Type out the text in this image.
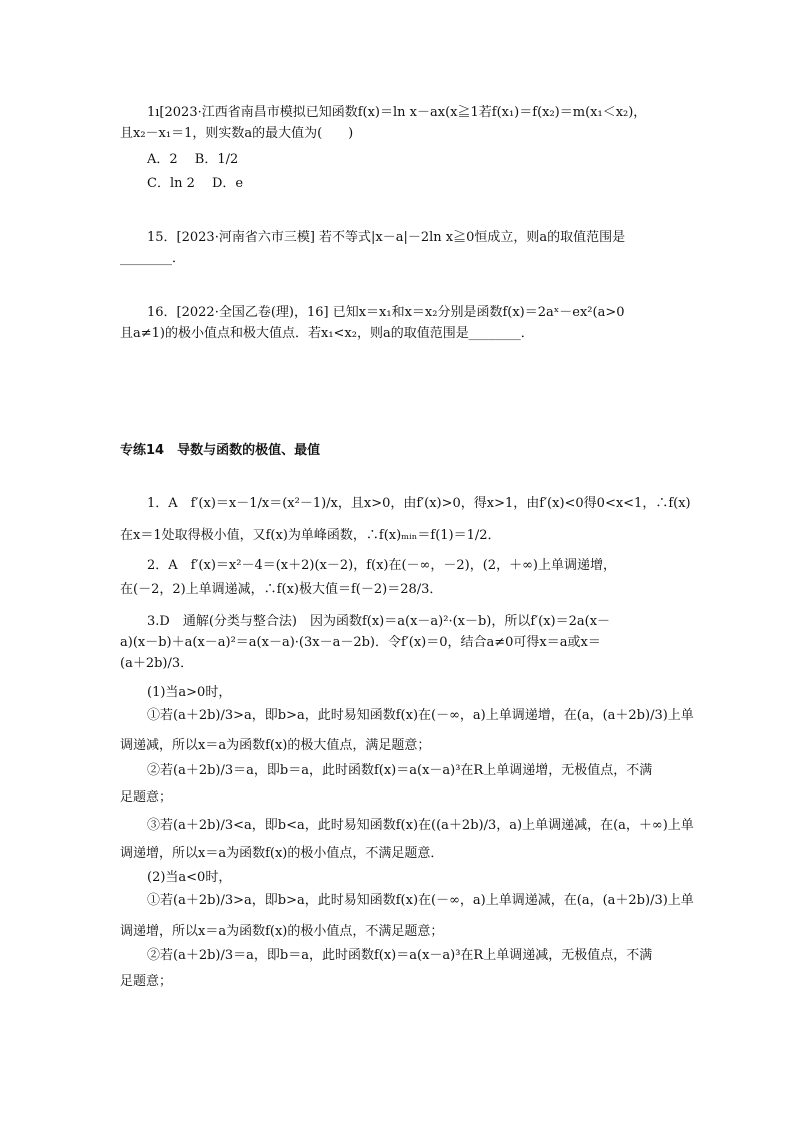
1ı[2023·江西省南昌市模拟已知函数f(x)＝ln x－ax(x≧1若f(x₁)＝f(x₂)＝m(x₁＜x₂)，
且x₂－x₁＝1，则实数a的最大值为(　　)
A．2　 B．1/2
C．ln 2　 D．e
15．[2023·河南省六市三模] 若不等式|x－a|－2ln x≧0恒成立，则a的取值范围是
________．
16．[2022·全国乙卷(理)，16] 已知x＝x₁和x＝x₂分别是函数f(x)＝2aˣ－ex²(a>0
且a≠1)的极小值点和极大值点．若x₁<x₂，则a的取值范围是________．
专练14　导数与函数的极值、最值
1．A　f′(x)＝x－1/x＝(x²－1)/x，且x>0，由f′(x)>0，得x>1，由f′(x)<0得0<x<1，∴f(x)
在x＝1处取得极小值，又f(x)为单峰函数，∴f(x)ₘᵢₙ＝f(1)＝1/2．
2．A　f′(x)＝x²－4＝(x＋2)(x－2)，f(x)在(－∞，－2)，(2，＋∞)上单调递增，
在(－2，2)上单调递减，∴f(x)极大值＝f(－2)＝28/3．
3.D　通解(分类与整合法)　因为函数f(x)＝a(x－a)²·(x－b)，所以f′(x)＝2a(x－
a)(x－b)＋a(x－a)²＝a(x－a)·(3x－a－2b)．令f′(x)＝0，结合a≠0可得x＝a或x＝
(a＋2b)/3．
(1)当a>0时，
①若(a＋2b)/3>a，即b>a，此时易知函数f(x)在(－∞，a)上单调递增，在(a，(a＋2b)/3)上单
调递减，所以x＝a为函数f(x)的极大值点，满足题意；
②若(a＋2b)/3＝a，即b＝a，此时函数f(x)＝a(x－a)³在R上单调递增，无极值点，不满
足题意；
③若(a＋2b)/3<a，即b<a，此时易知函数f(x)在((a＋2b)/3，a)上单调递减，在(a，＋∞)上单
调递增，所以x＝a为函数f(x)的极小值点，不满足题意．
(2)当a<0时，
①若(a＋2b)/3>a，即b>a，此时易知函数f(x)在(－∞，a)上单调递减，在(a，(a＋2b)/3)上单
调递增，所以x＝a为函数f(x)的极小值点，不满足题意；
②若(a＋2b)/3＝a，即b＝a，此时函数f(x)＝a(x－a)³在R上单调递减，无极值点，不满
足题意；
